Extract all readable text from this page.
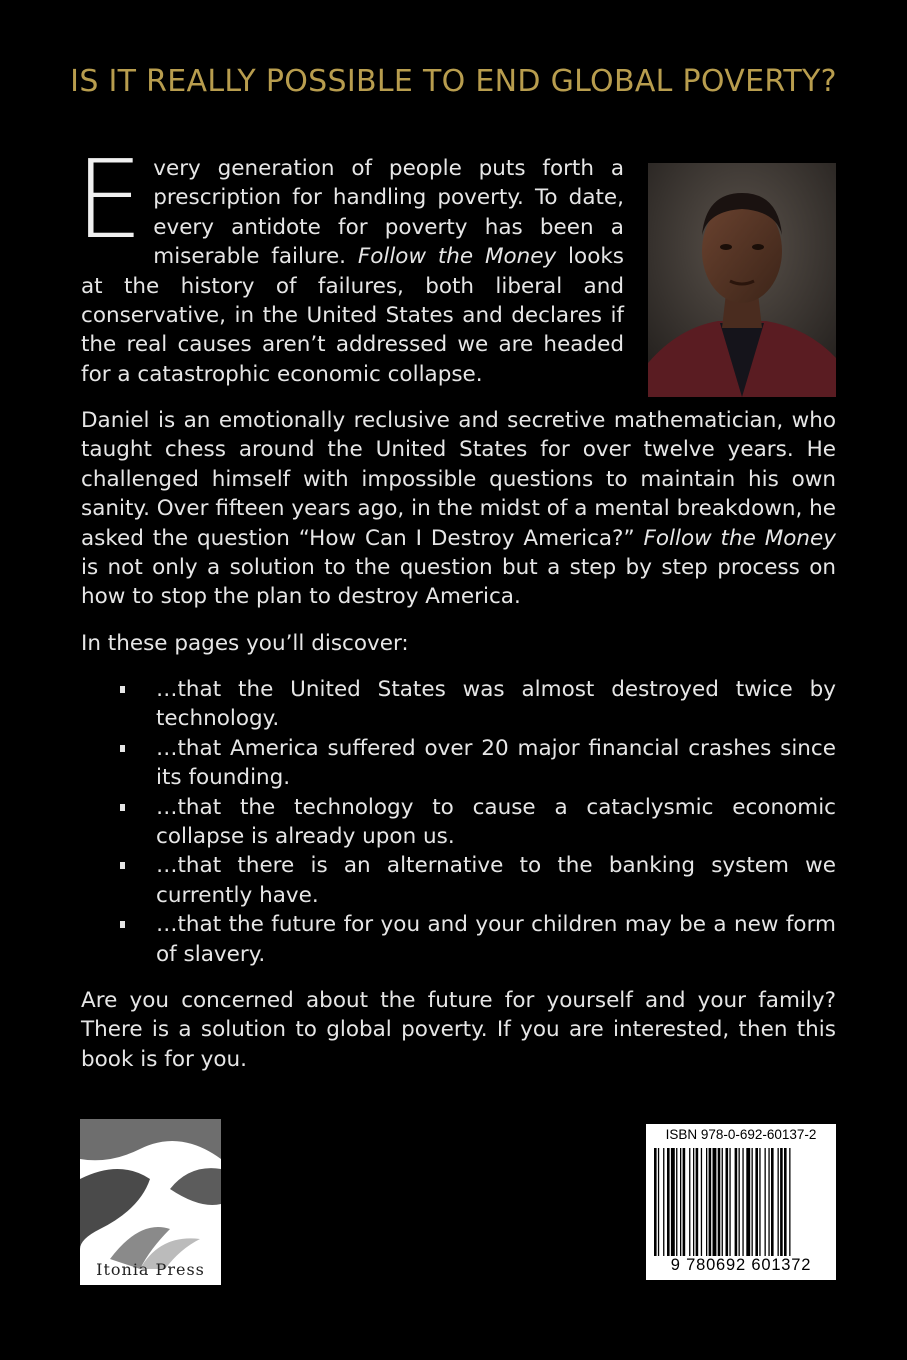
IS IT REALLY POSSIBLE TO END GLOBAL POVERTY?
Every generation of people puts forth a prescription for handling poverty. To date, every antidote for poverty has been a miserable failure. Follow the Money looks at the history of failures, both liberal and conservative, in the United States and declares if the real causes aren’t addressed we are headed for a catastrophic economic collapse.
Daniel is an emotionally reclusive and secretive mathematician, who taught chess around the United States for over twelve years. He challenged himself with impossible questions to maintain his own sanity. Over fifteen years ago, in the midst of a mental breakdown, he asked the question “How Can I Destroy America?” Follow the Money is not only a solution to the question but a step by step process on how to stop the plan to destroy America.
In these pages you’ll discover:
…that the United States was almost destroyed twice by technology.
…that America suffered over 20 major financial crashes since its founding.
…that the technology to cause a cataclysmic economic collapse is already upon us.
…that there is an alternative to the banking system we currently have.
…that the future for you and your children may be a new form of slavery.
Are you concerned about the future for yourself and your family? There is a solution to global poverty. If you are interested, then this book is for you.
Itonia Press
ISBN 978-0-692-60137-2
9 780692 601372
